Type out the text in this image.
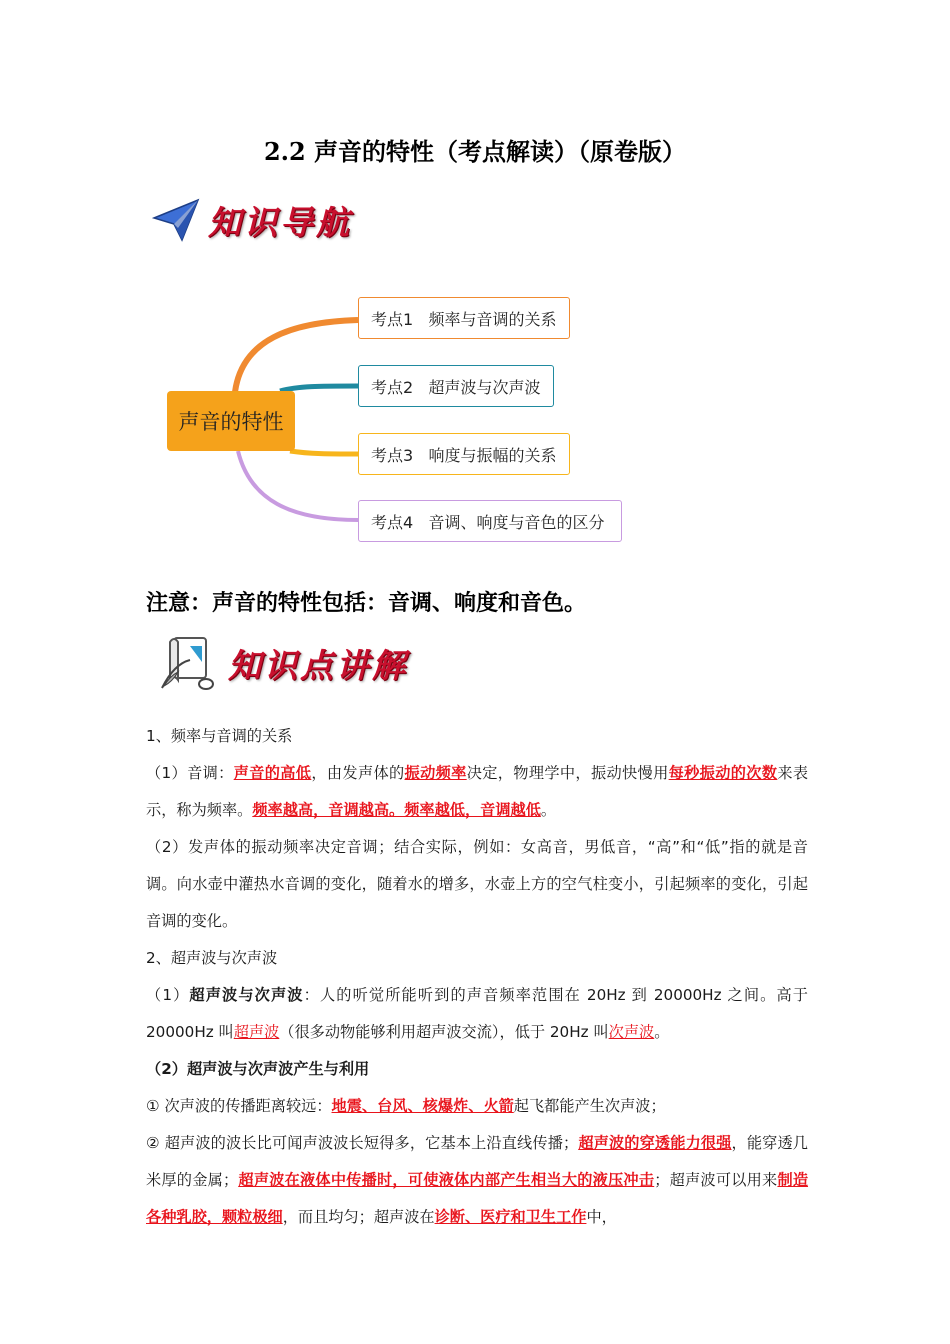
2.2 声音的特性（考点解读）（原卷版）
知识导航
声音的特性
考点1   频率与音调的关系
考点2   超声波与次声波
考点3   响度与振幅的关系
考点4   音调、响度与音色的区分
注意：声音的特性包括：音调、响度和音色。
知识点讲解

1、频率与音调的关系

（1）音调：声音的高低，由发声体的振动频率决定，物理学中，振动快慢用每秒振动的次数来表示，称为频率。频率越高，音调越高。频率越低，音调越低。

（2）发声体的振动频率决定音调；结合实际，例如：女高音，男低音，“高”和“低”指的就是音调。向水壶中灌热水音调的变化，随着水的增多，水壶上方的空气柱变小，引起频率的变化，引起音调的变化。

2、超声波与次声波

（1）超声波与次声波：人的听觉所能听到的声音频率范围在 20Hz 到 20000Hz 之间。高于 20000Hz 叫超声波（很多动物能够利用超声波交流），低于 20Hz 叫次声波。

（2）超声波与次声波产生与利用

① 次声波的传播距离较远：地震、台风、核爆炸、火箭起飞都能产生次声波；

② 超声波的波长比可闻声波波长短得多，它基本上沿直线传播；超声波的穿透能力很强，能穿透几米厚的金属；超声波在液体中传播时，可使液体内部产生相当大的液压冲击；超声波可以用来制造各种乳胶，颗粒极细，而且均匀；超声波在诊断、医疗和卫生工作中，
